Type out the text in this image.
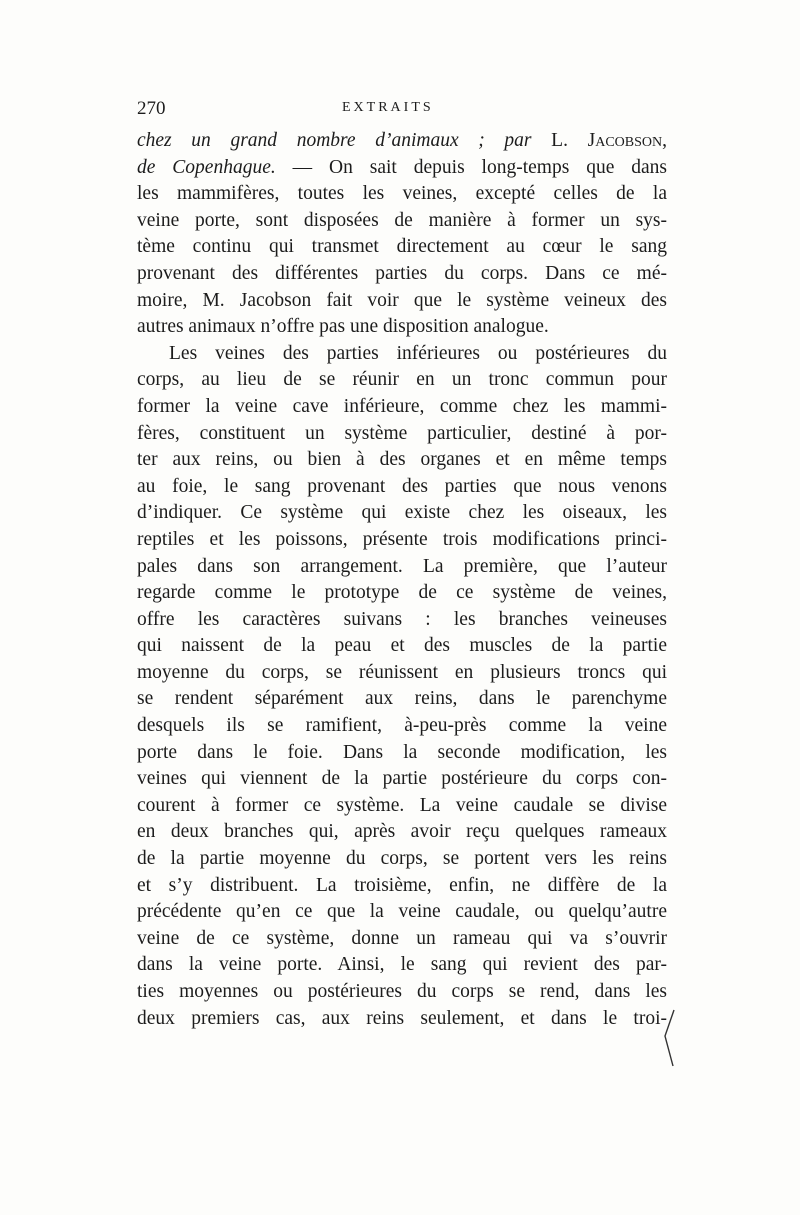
270	EXTRAITS
chez un grand nombre d’animaux ; par L. Jacobson,
de Copenhague. — On sait depuis long-temps que dans
les mammifères, toutes les veines, excepté celles de la
veine porte, sont disposées de manière à former un sys-
tème continu qui transmet directement au cœur le sang
provenant des différentes parties du corps. Dans ce mé-
moire, M. Jacobson fait voir que le système veineux des
autres animaux n’offre pas une disposition analogue.
Les veines des parties inférieures ou postérieures du
corps, au lieu de se réunir en un tronc commun pour
former la veine cave inférieure, comme chez les mammi-
fères, constituent un système particulier, destiné à por-
ter aux reins, ou bien à des organes et en même temps
au foie, le sang provenant des parties que nous venons
d’indiquer. Ce système qui existe chez les oiseaux, les
reptiles et les poissons, présente trois modifications princi-
pales dans son arrangement. La première, que l’auteur
regarde comme le prototype de ce système de veines,
offre les caractères suivans : les branches veineuses
qui naissent de la peau et des muscles de la partie
moyenne du corps, se réunissent en plusieurs troncs qui
se rendent séparément aux reins, dans le parenchyme
desquels ils se ramifient, à-peu-près comme la veine
porte dans le foie. Dans la seconde modification, les
veines qui viennent de la partie postérieure du corps con-
courent à former ce système. La veine caudale se divise
en deux branches qui, après avoir reçu quelques rameaux
de la partie moyenne du corps, se portent vers les reins
et s’y distribuent. La troisième, enfin, ne diffère de la
précédente qu’en ce que la veine caudale, ou quelqu’autre
veine de ce système, donne un rameau qui va s’ouvrir
dans la veine porte. Ainsi, le sang qui revient des par-
ties moyennes ou postérieures du corps se rend, dans les
deux premiers cas, aux reins seulement, et dans le troi-
